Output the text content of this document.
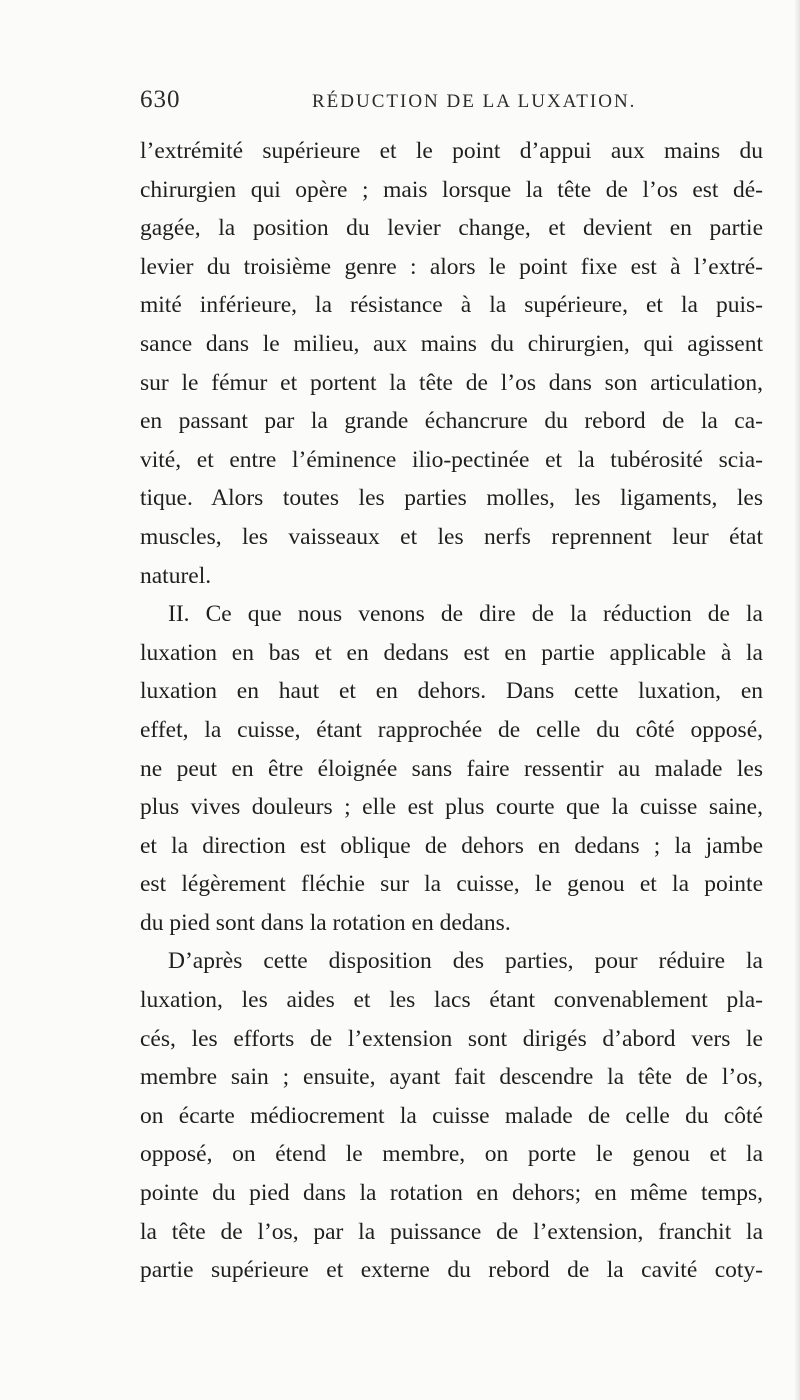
630	RÉDUCTION DE LA LUXATION.
l’extrémité supérieure et le point d’appui aux mains du
chirurgien qui opère ; mais lorsque la tête de l’os est dé-
gagée, la position du levier change, et devient en partie
levier du troisième genre : alors le point fixe est à l’extré-
mité inférieure, la résistance à la supérieure, et la puis-
sance dans le milieu, aux mains du chirurgien, qui agissent
sur le fémur et portent la tête de l’os dans son articulation,
en passant par la grande échancrure du rebord de la ca-
vité, et entre l’éminence ilio-pectinée et la tubérosité scia-
tique. Alors toutes les parties molles, les ligaments, les
muscles, les vaisseaux et les nerfs reprennent leur état
naturel.
II. Ce que nous venons de dire de la réduction de la
luxation en bas et en dedans est en partie applicable à la
luxation en haut et en dehors. Dans cette luxation, en
effet, la cuisse, étant rapprochée de celle du côté opposé,
ne peut en être éloignée sans faire ressentir au malade les
plus vives douleurs ; elle est plus courte que la cuisse saine,
et la direction est oblique de dehors en dedans ; la jambe
est légèrement fléchie sur la cuisse, le genou et la pointe
du pied sont dans la rotation en dedans.
D’après cette disposition des parties, pour réduire la
luxation, les aides et les lacs étant convenablement pla-
cés, les efforts de l’extension sont dirigés d’abord vers le
membre sain ; ensuite, ayant fait descendre la tête de l’os,
on écarte médiocrement la cuisse malade de celle du côté
opposé, on étend le membre, on porte le genou et la
pointe du pied dans la rotation en dehors; en même temps,
la tête de l’os, par la puissance de l’extension, franchit la
partie supérieure et externe du rebord de la cavité coty-
